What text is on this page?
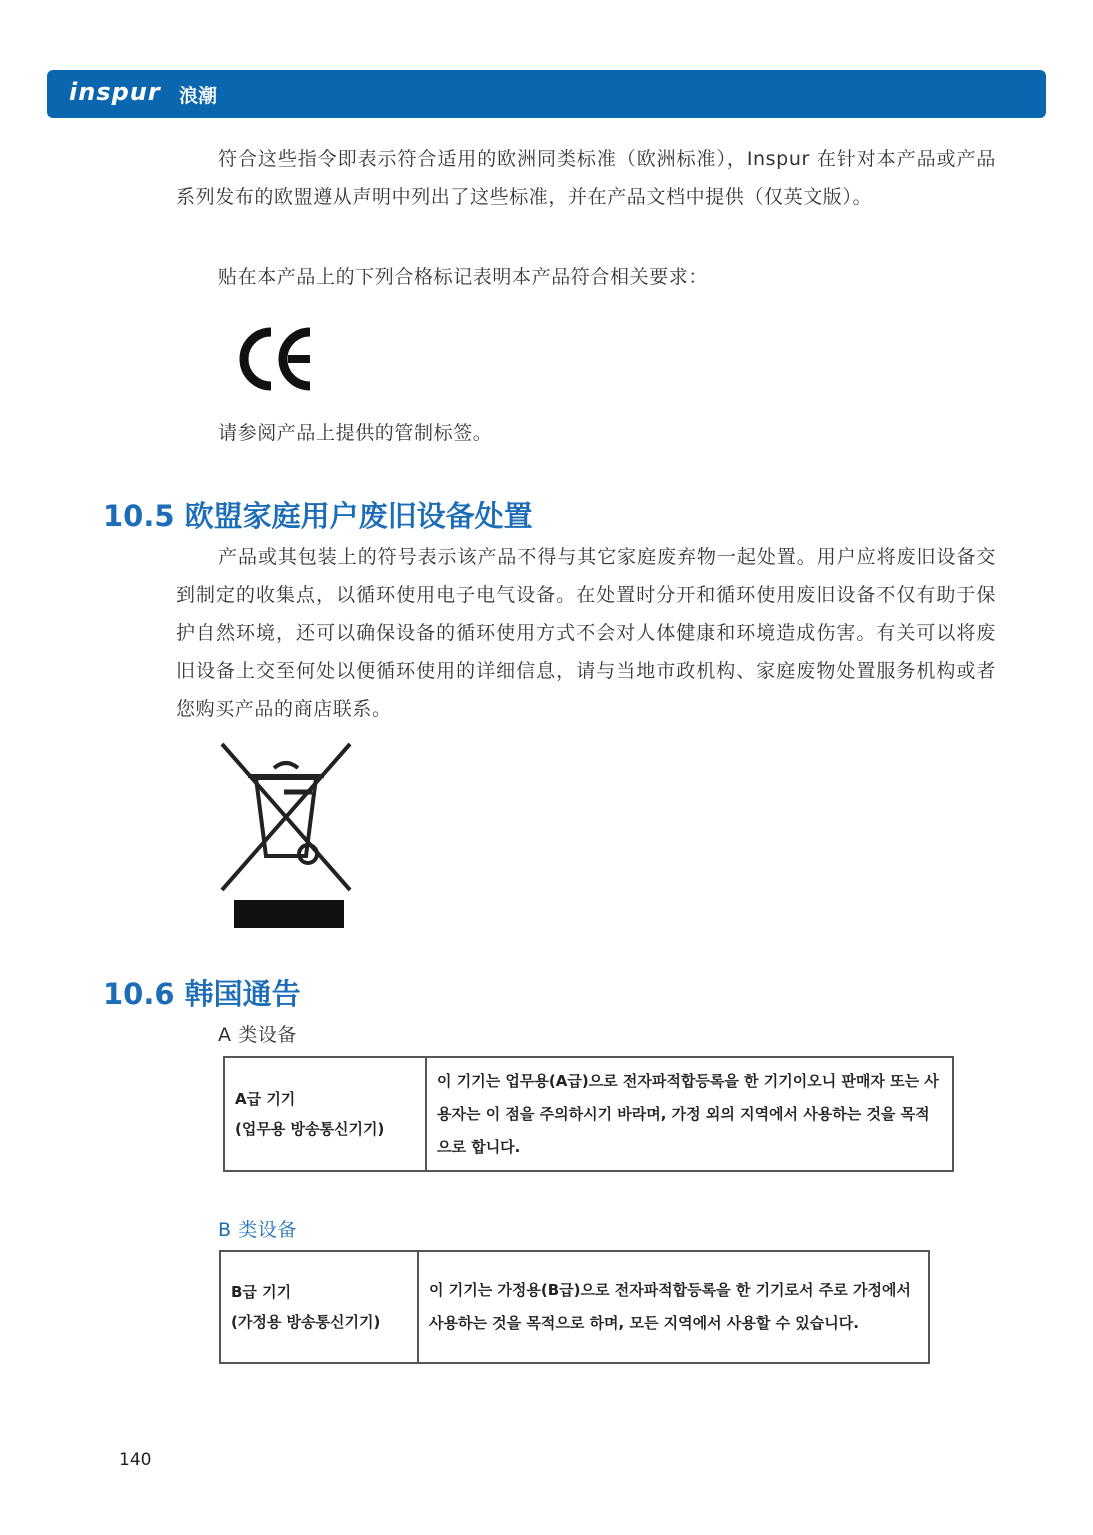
inspur 浪潮
符合这些指令即表示符合适用的欧洲同类标准（欧洲标准），Inspur 在针对本产品或产品系列发布的欧盟遵从声明中列出了这些标准，并在产品文档中提供（仅英文版）。
贴在本产品上的下列合格标记表明本产品符合相关要求：
请参阅产品上提供的管制标签。
10.5 欧盟家庭用户废旧设备处置
产品或其包装上的符号表示该产品不得与其它家庭废弃物一起处置。用户应将废旧设备交到制定的收集点，以循环使用电子电气设备。在处置时分开和循环使用废旧设备不仅有助于保护自然环境，还可以确保设备的循环使用方式不会对人体健康和环境造成伤害。有关可以将废旧设备上交至何处以便循环使用的详细信息，请与当地市政机构、家庭废物处置服务机构或者您购买产品的商店联系。
10.6 韩国通告
A 类设备
A급 기기
(업무용 방송통신기기)
	이 기기는 업무용(A급)으로 전자파적합등록을 한 기기이오니 판매자 또는 사용자는 이 점을 주의하시기 바라며, 가정 외의 지역에서 사용하는 것을 목적으로 합니다.
B 类设备
B급 기기
(가정용 방송통신기기)
	이 기기는 가정용(B급)으로 전자파적합등록을 한 기기로서 주로 가정에서 사용하는 것을 목적으로 하며, 모든 지역에서 사용할 수 있습니다.
140
